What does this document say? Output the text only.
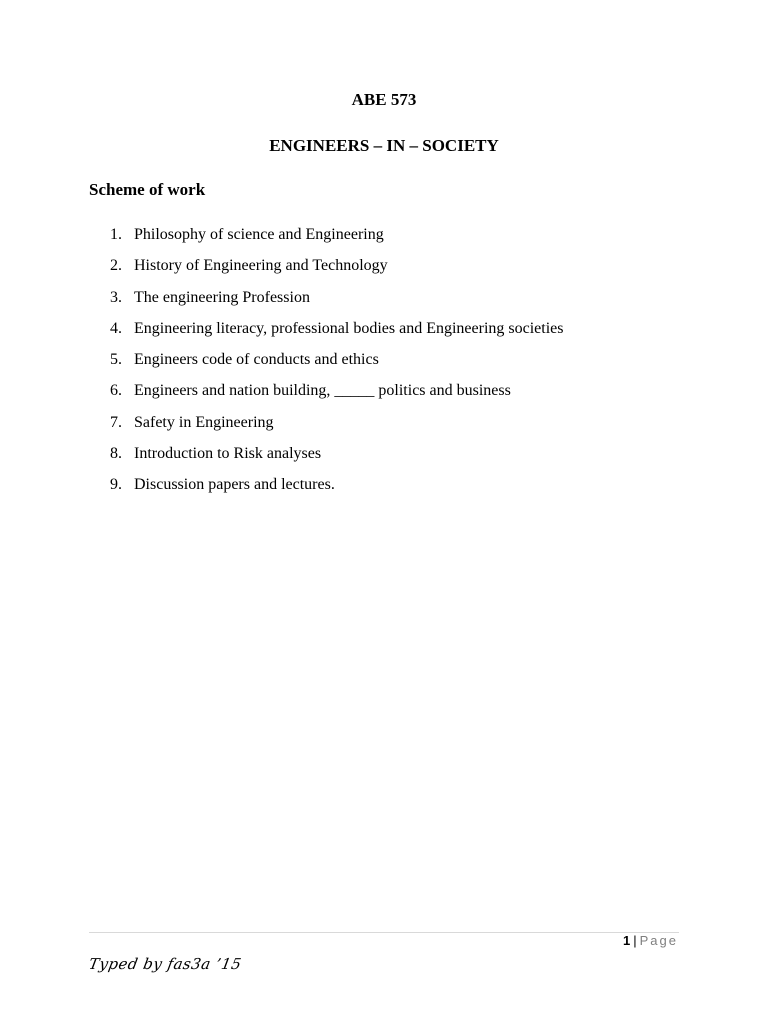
ABE 573
ENGINEERS – IN – SOCIETY
Scheme of work
1. Philosophy of science and Engineering
2. History of Engineering and Technology
3. The engineering Profession
4. Engineering literacy, professional bodies and Engineering societies
5. Engineers code of conducts and ethics
6. Engineers and nation building, _____ politics and business
7. Safety in Engineering
8. Introduction to Risk analyses
9. Discussion papers and lectures.
1 | Page
Typed by fas3a ’15
